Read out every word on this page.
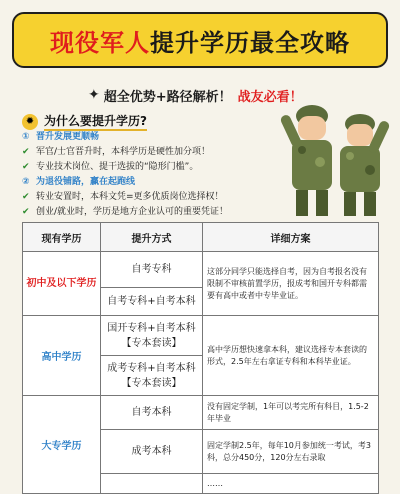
现役军人 提升学历最全攻略
✦ 超全优势+路径解析！ 战友必看！
✹ 为什么要提升学历?
① 晋升发展更顺畅
✔ 军官/士官晋升时，本科学历是硬性加分项！
✔ 专业技术岗位、提干选拔的“隐形门槛”。
② 为退役铺路，赢在起跑线
✔ 转业安置时，本科文凭=更多优质岗位选择权！
✔ 创业/就业时，学历是地方企业认可的重要凭证！
现有学历	提升方式	详细方案
初中及以下学历	自考专科	这部分同学只能选择自考，因为自考报名没有限制不审核前置学历，报成考和国开专科都需要有高中或者中专毕业证。
	自考专科+自考本科	
高中学历	国开专科+自考本科【专本套读】	高中学历想快速拿本科，建议选择专本套读的形式，2.5年左右拿证专科和本科毕业证。
	成考专科+自考本科【专本套读】	
大专学历	自考本科	没有固定学制，1年可以考完所有科目，1.5-2年毕业
	成考本科	固定学制2.5年，每年10月参加统一考试，考3科，总分450分，120分左右录取
		……
